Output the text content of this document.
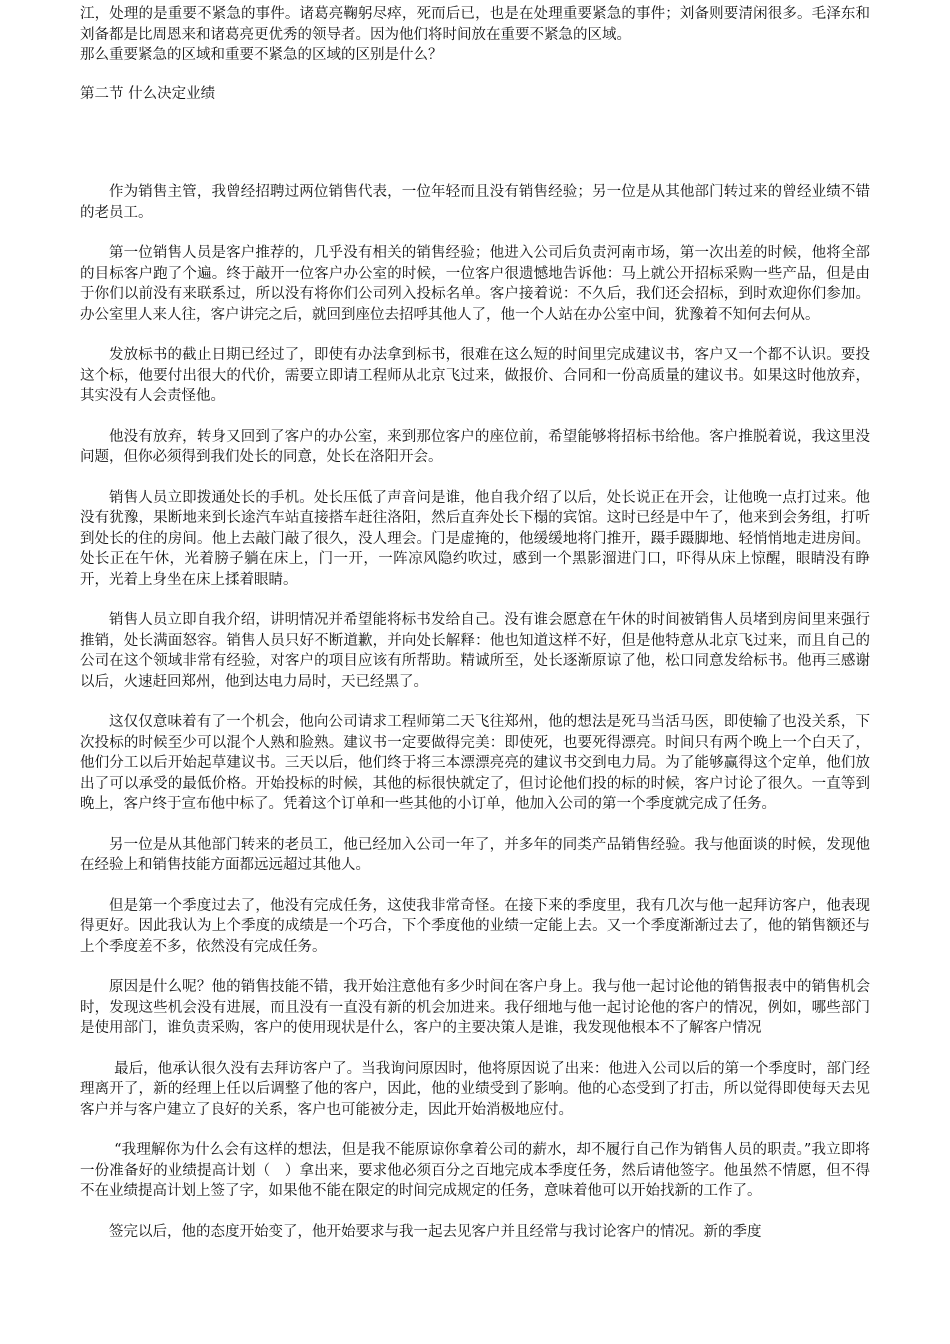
江，处理的是重要不紧急的事件。诸葛亮鞠躬尽瘁，死而后已，也是在处理重要紧急的事件；刘备则要清闲很多。毛泽东和刘备都是比周恩来和诸葛亮更优秀的领导者。因为他们将时间放在重要不紧急的区域。

那么重要紧急的区域和重要不紧急的区域的区别是什么？

第二节 什么决定业绩

作为销售主管，我曾经招聘过两位销售代表，一位年轻而且没有销售经验；另一位是从其他部门转过来的曾经业绩不错的老员工。

第一位销售人员是客户推荐的，几乎没有相关的销售经验；他进入公司后负责河南市场，第一次出差的时候，他将全部的目标客户跑了个遍。终于敲开一位客户办公室的时候，一位客户很遗憾地告诉他：马上就公开招标采购一些产品，但是由于你们以前没有来联系过，所以没有将你们公司列入投标名单。客户接着说：不久后，我们还会招标，到时欢迎你们参加。办公室里人来人往，客户讲完之后，就回到座位去招呼其他人了，他一个人站在办公室中间，犹豫着不知何去何从。

发放标书的截止日期已经过了，即使有办法拿到标书，很难在这么短的时间里完成建议书，客户又一个都不认识。要投这个标，他要付出很大的代价，需要立即请工程师从北京飞过来，做报价、合同和一份高质量的建议书。如果这时他放弃，其实没有人会责怪他。

他没有放弃，转身又回到了客户的办公室，来到那位客户的座位前，希望能够将招标书给他。客户推脱着说，我这里没问题，但你必须得到我们处长的同意，处长在洛阳开会。

销售人员立即拨通处长的手机。处长压低了声音问是谁，他自我介绍了以后，处长说正在开会，让他晚一点打过来。他没有犹豫，果断地来到长途汽车站直接搭车赶往洛阳，然后直奔处长下榻的宾馆。这时已经是中午了，他来到会务组，打听到处长的住的房间。他上去敲门敲了很久，没人理会。门是虚掩的，他缓缓地将门推开，蹑手蹑脚地、轻悄悄地走进房间。处长正在午休，光着膀子躺在床上，门一开，一阵凉风隐约吹过，感到一个黑影溜进门口，吓得从床上惊醒，眼睛没有睁开，光着上身坐在床上揉着眼睛。

销售人员立即自我介绍，讲明情况并希望能将标书发给自己。没有谁会愿意在午休的时间被销售人员堵到房间里来强行推销，处长满面怒容。销售人员只好不断道歉，并向处长解释：他也知道这样不好，但是他特意从北京飞过来，而且自己的公司在这个领域非常有经验，对客户的项目应该有所帮助。精诚所至，处长逐渐原谅了他，松口同意发给标书。他再三感谢以后，火速赶回郑州，他到达电力局时，天已经黑了。

这仅仅意味着有了一个机会，他向公司请求工程师第二天飞往郑州，他的想法是死马当活马医，即使输了也没关系，下次投标的时候至少可以混个人熟和脸熟。建议书一定要做得完美：即使死，也要死得漂亮。时间只有两个晚上一个白天了，他们分工以后开始起草建议书。三天以后，他们终于将三本漂漂亮亮的建议书交到电力局。为了能够赢得这个定单，他们放出了可以承受的最低价格。开始投标的时候，其他的标很快就定了，但讨论他们投的标的时候，客户讨论了很久。一直等到晚上，客户终于宣布他中标了。凭着这个订单和一些其他的小订单，他加入公司的第一个季度就完成了任务。

另一位是从其他部门转来的老员工，他已经加入公司一年了，并多年的同类产品销售经验。我与他面谈的时候，发现他在经验上和销售技能方面都远远超过其他人。

但是第一个季度过去了，他没有完成任务，这使我非常奇怪。在接下来的季度里，我有几次与他一起拜访客户，他表现得更好。因此我认为上个季度的成绩是一个巧合，下个季度他的业绩一定能上去。又一个季度渐渐过去了，他的销售额还与上个季度差不多，依然没有完成任务。

原因是什么呢？他的销售技能不错，我开始注意他有多少时间在客户身上。我与他一起讨论他的销售报表中的销售机会时，发现这些机会没有进展，而且没有一直没有新的机会加进来。我仔细地与他一起讨论他的客户的情况，例如，哪些部门是使用部门，谁负责采购，客户的使用现状是什么，客户的主要决策人是谁，我发现他根本不了解客户情况

最后，他承认很久没有去拜访客户了。当我询问原因时，他将原因说了出来：他进入公司以后的第一个季度时，部门经理离开了，新的经理上任以后调整了他的客户，因此，他的业绩受到了影响。他的心态受到了打击，所以觉得即使每天去见客户并与客户建立了良好的关系，客户也可能被分走，因此开始消极地应付。

“我理解你为什么会有这样的想法，但是我不能原谅你拿着公司的薪水，却不履行自己作为销售人员的职责。”我立即将一份准备好的业绩提高计划（　）拿出来，要求他必须百分之百地完成本季度任务，然后请他签字。他虽然不情愿，但不得不在业绩提高计划上签了字，如果他不能在限定的时间完成规定的任务，意味着他可以开始找新的工作了。

签完以后，他的态度开始变了，他开始要求与我一起去见客户并且经常与我讨论客户的情况。新的季度
